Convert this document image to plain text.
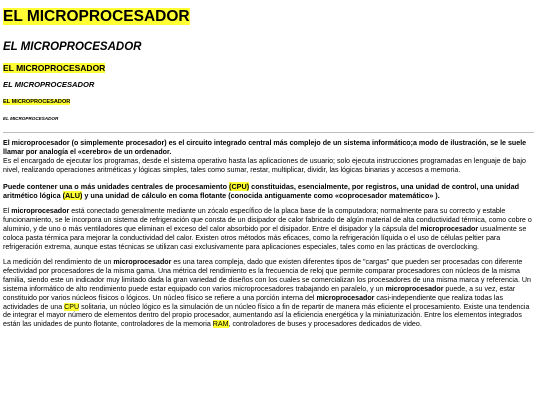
EL MICROPROCESADOR
EL MICROPROCESADOR
EL MICROPROCESADOR
EL MICROPROCESADOR
EL MICROPROCESADOR
EL MICROPROCESADOR

El microprocesador (o simplemente procesador) es el circuito integrado central más complejo de un sistema informático;a modo de ilustración, se le suele llamar por analogía el «cerebro» de un ordenador.
Es el encargado de ejecutar los programas, desde el sistema operativo hasta las aplicaciones de usuario; solo ejecuta instrucciones programadas en lenguaje de bajo nivel, realizando operaciones aritméticas y lógicas simples, tales como sumar, restar, multiplicar, dividir, las lógicas binarias y accesos a memoria.

Puede contener una o más unidades centrales de procesamiento (CPU) constituidas, esencialmente, por registros, una unidad de control, una unidad aritmético lógica (ALU) y una unidad de cálculo en coma flotante (conocida antiguamente como «coprocesador matemático» ).

El microprocesador está conectado generalmente mediante un zócalo específico de la placa base de la computadora; normalmente para su correcto y estable funcionamiento, se le incorpora un sistema de refrigeración que consta de un disipador de calor fabricado de algún material de alta conductividad térmica, como cobre o aluminio, y de uno o más ventiladores que eliminan el exceso del calor absorbido por el disipador. Entre el disipador y la cápsula del microprocesador usualmente se coloca pasta térmica para mejorar la conductividad del calor. Existen otros métodos más eficaces, como la refrigeración líquida o el uso de células peltier para refrigeración extrema, aunque estas técnicas se utilizan casi exclusivamente para aplicaciones especiales, tales como en las prácticas de overclocking.

La medición del rendimiento de un microprocesador es una tarea compleja, dado que existen diferentes tipos de "cargas" que pueden ser procesadas con diferente efectividad por procesadores de la misma gama. Una métrica del rendimiento es la frecuencia de reloj que permite comparar procesadores con núcleos de la misma familia, siendo este un indicador muy limitado dada la gran variedad de diseños con los cuales se comercializan los procesadores de una misma marca y referencia. Un sistema informático de alto rendimiento puede estar equipado con varios microprocesadores trabajando en paralelo, y un microprocesador puede, a su vez, estar constituido por varios núcleos físicos o lógicos. Un núcleo físico se refiere a una porción interna del microprocesador casi-independiente que realiza todas las actividades de una CPU solitaria, un núcleo lógico es la simulación de un núcleo físico a fin de repartir de manera más eficiente el procesamiento. Existe una tendencia de integrar el mayor número de elementos dentro del propio procesador, aumentando así la eficiencia energética y la miniaturización. Entre los elementos integrados están las unidades de punto flotante, controladores de la memoria RAM, controladores de buses y procesadores dedicados de video.
